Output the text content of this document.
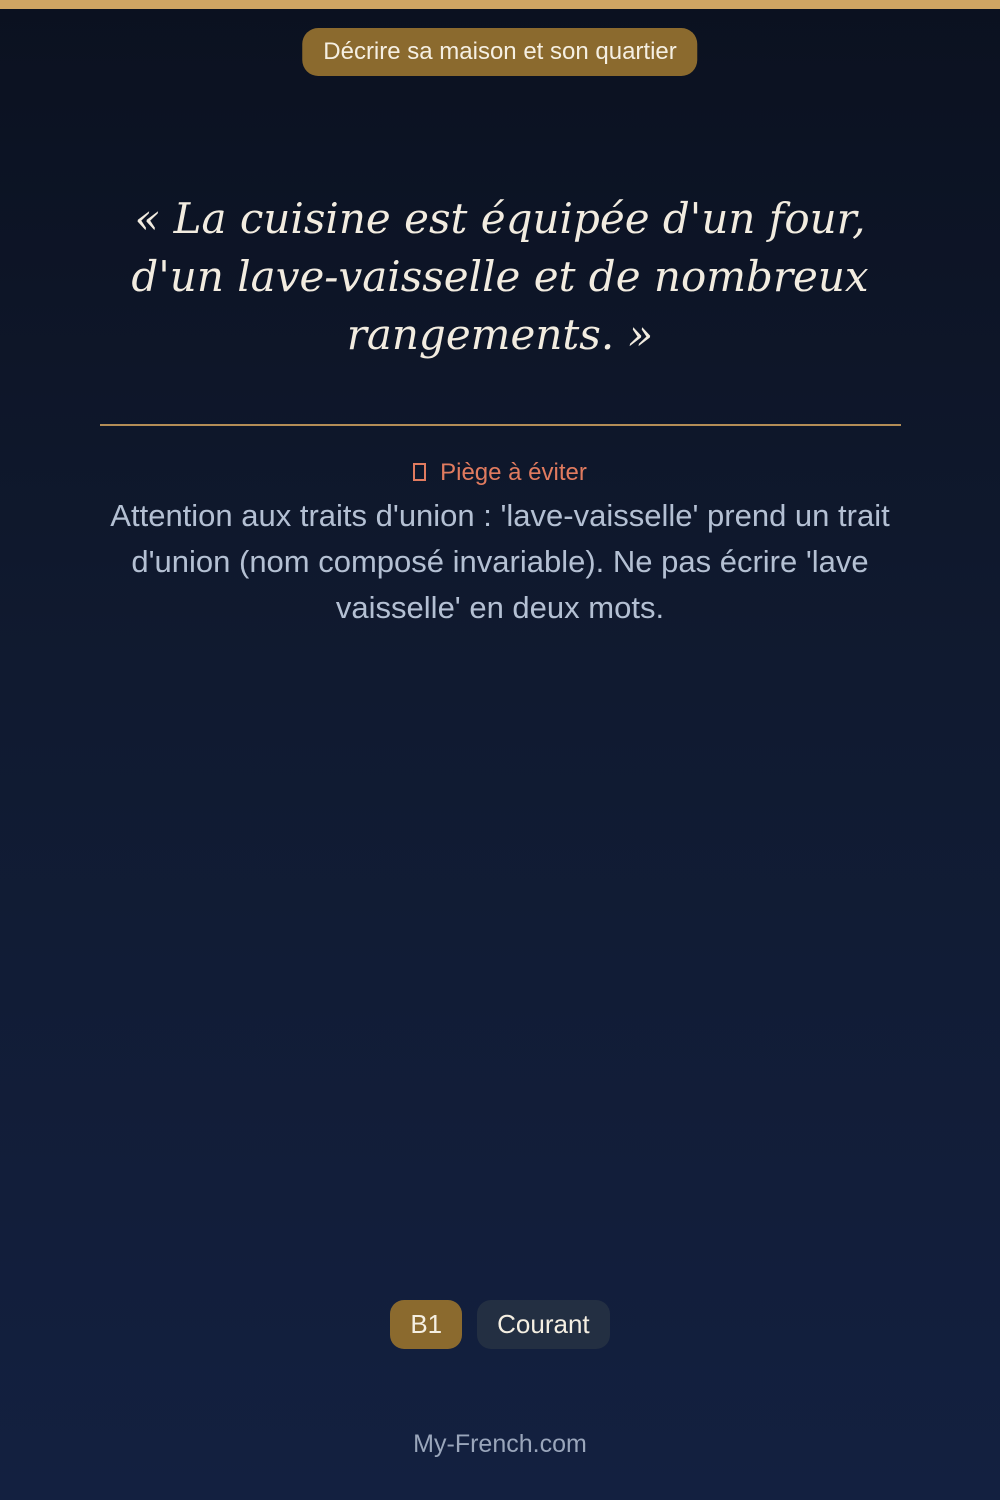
Décrire sa maison et son quartier

« La cuisine est équipée d'un four, d'un lave-vaisselle et de nombreux rangements. »

Piège à éviter

Attention aux traits d'union : 'lave-vaisselle' prend un trait d'union (nom composé invariable). Ne pas écrire 'lave vaisselle' en deux mots.

B1 Courant
My-French.com
